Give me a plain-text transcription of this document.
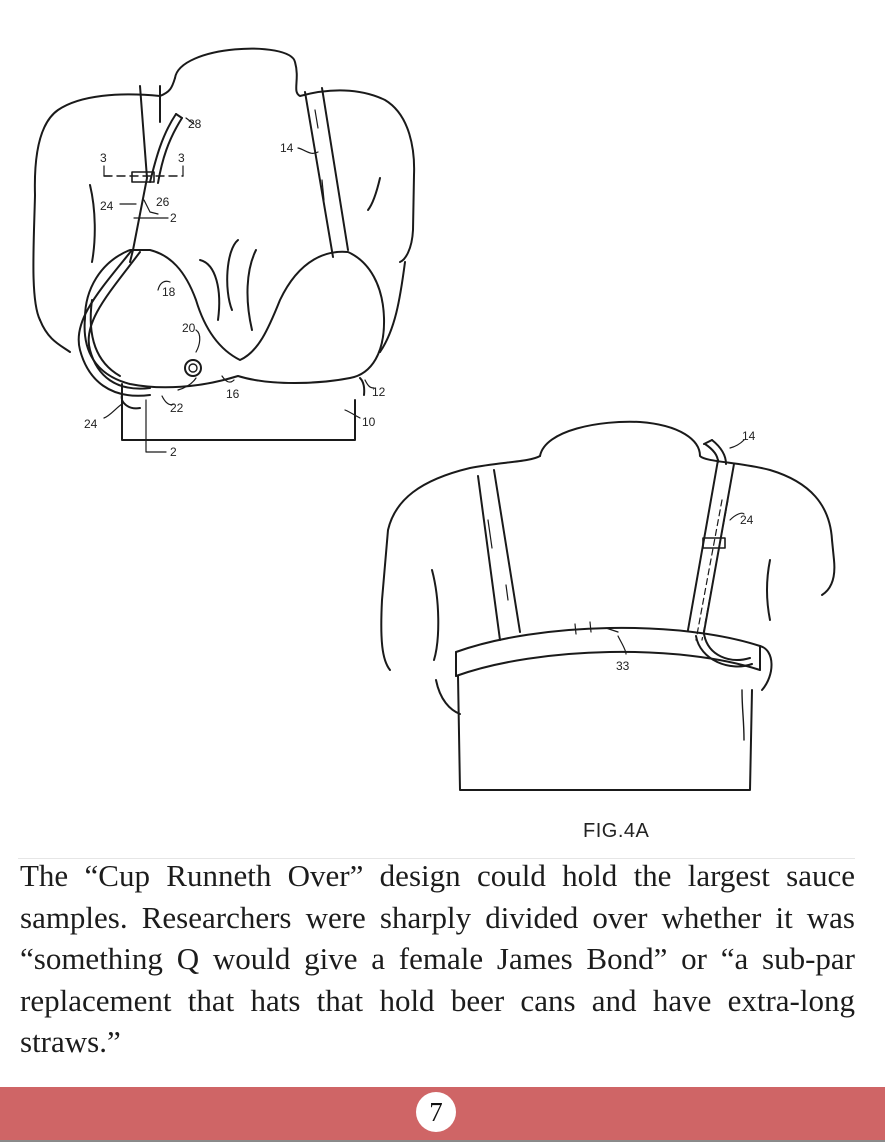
28
3	3
14
24	26
2
18
20
16	12
22
24	10
2
14
24
33
FIG.4A

The “Cup Runneth Over” design could hold the largest sauce samples. Researchers were sharply divided over whether it was “something Q would give a female James Bond” or “a sub-par replacement that hats that hold beer cans and have extra-long straws.”

7
